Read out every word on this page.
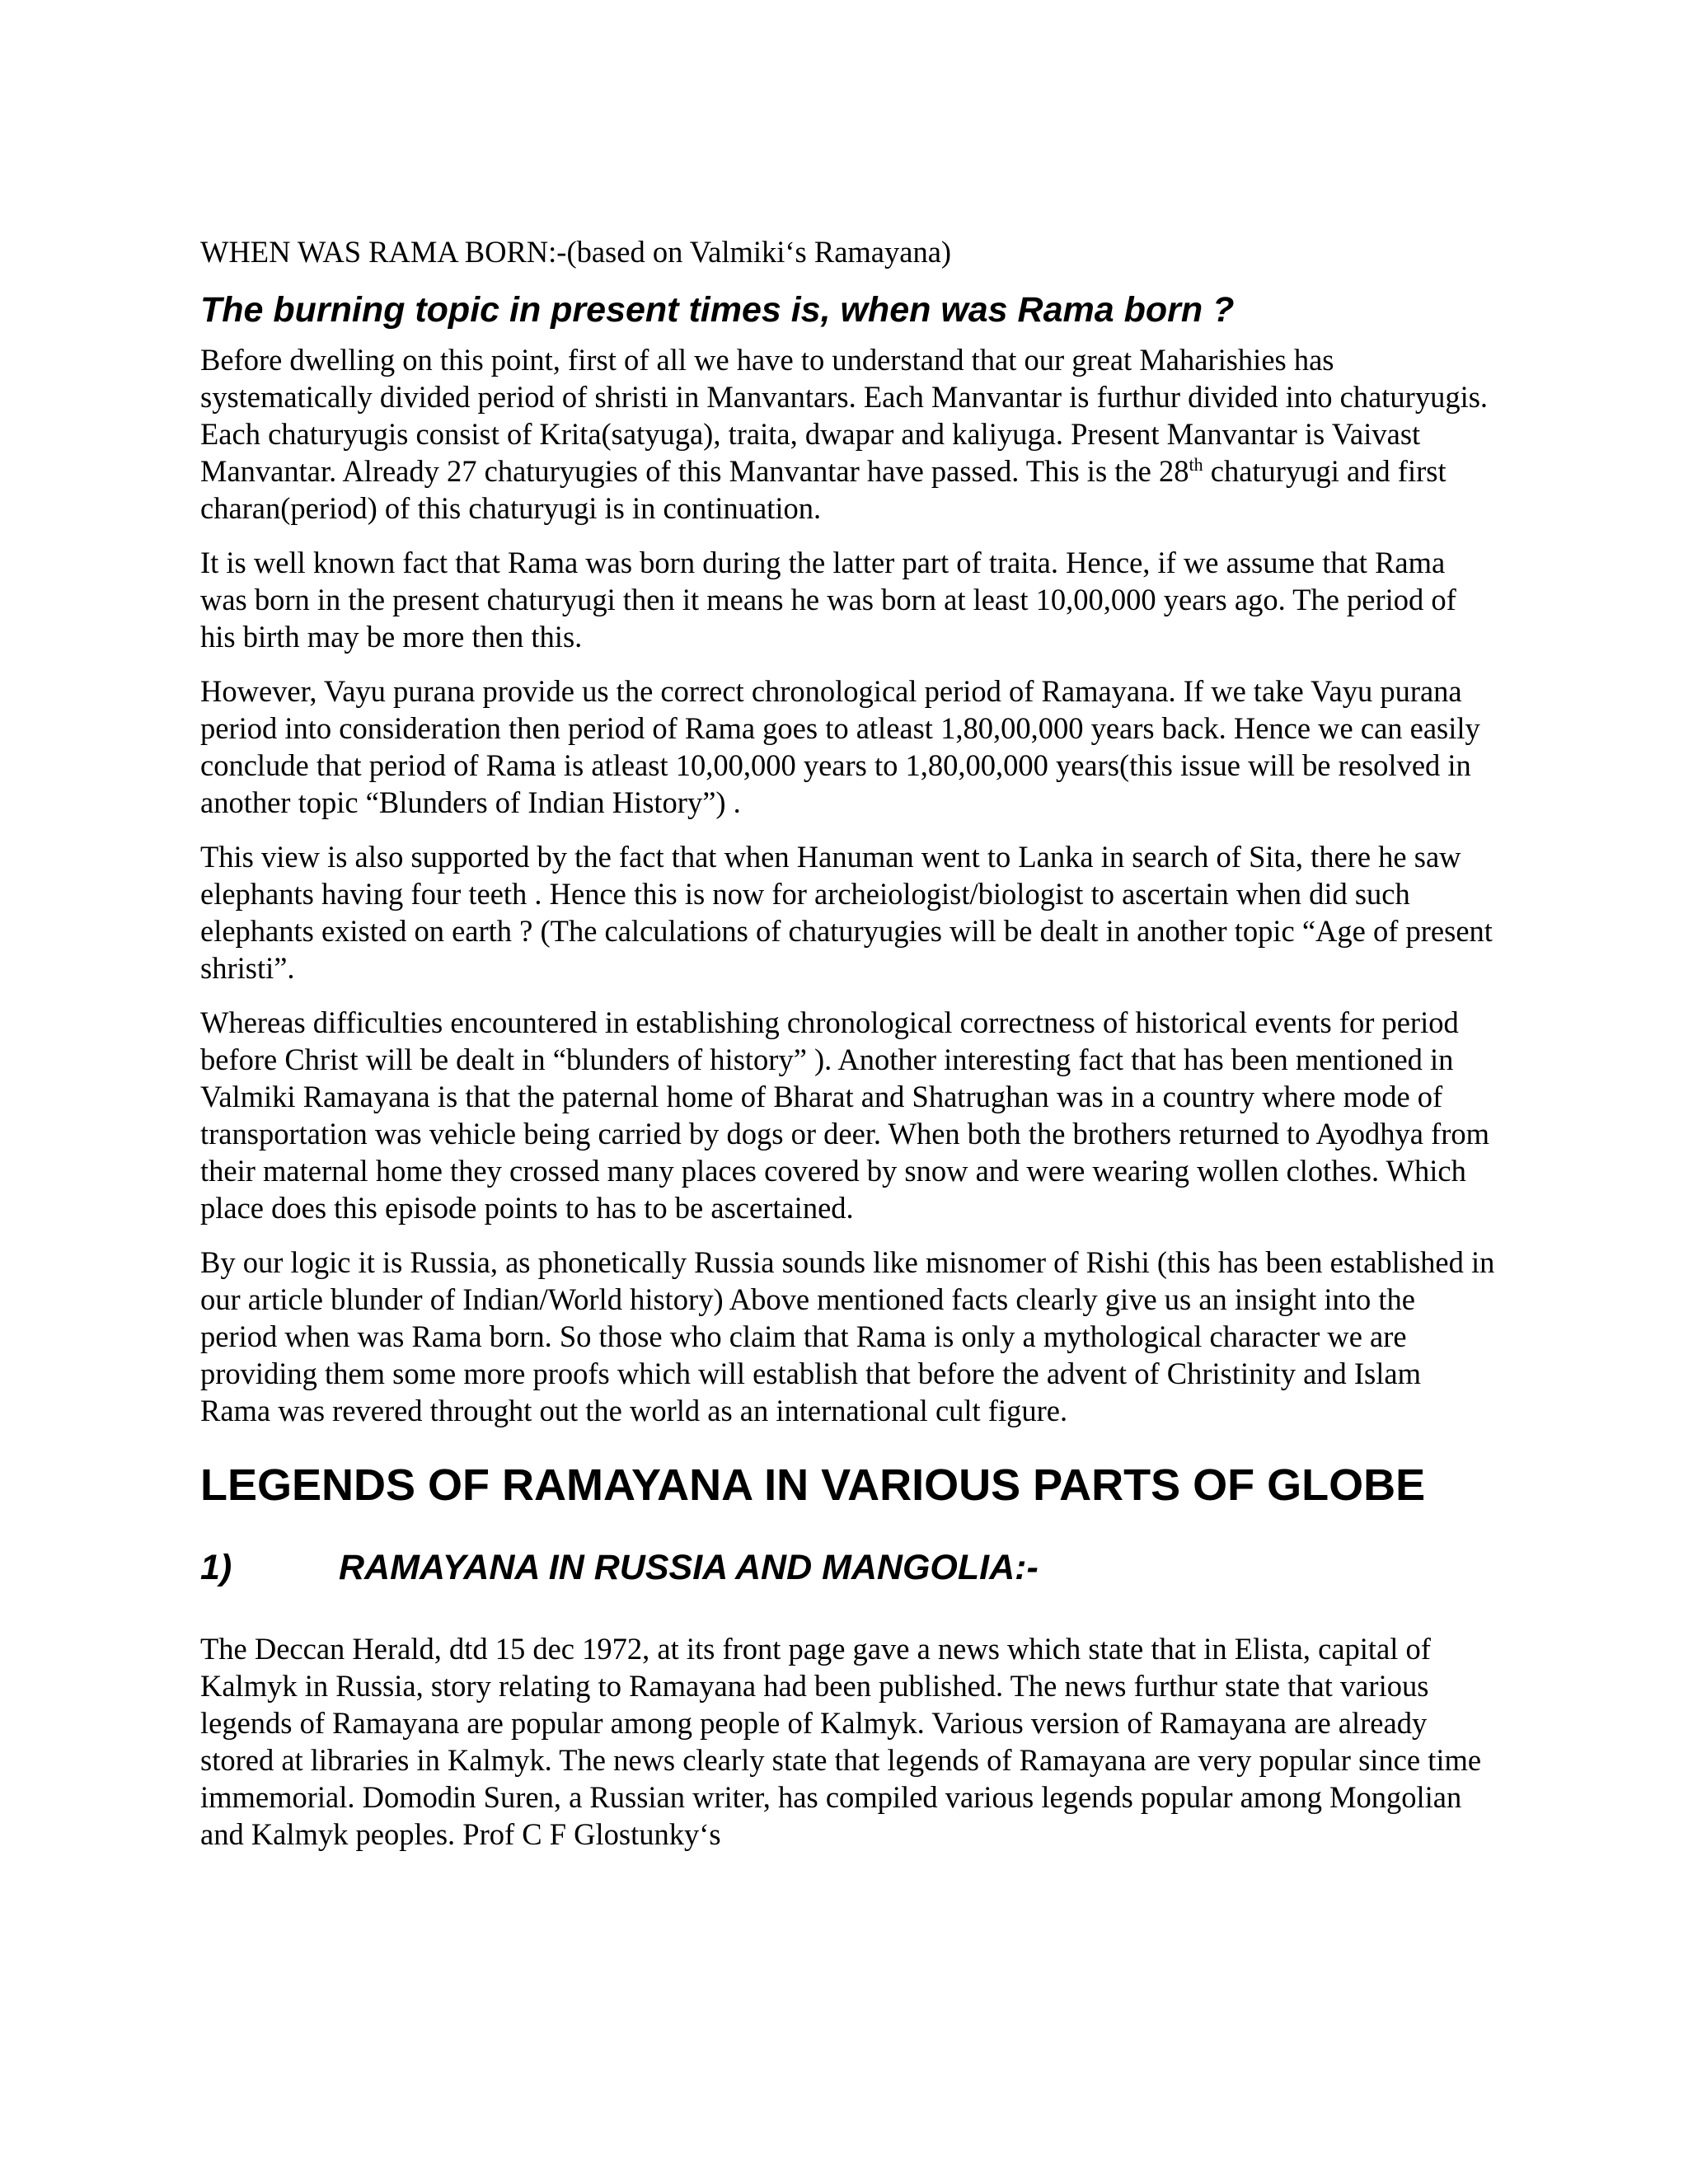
WHEN WAS RAMA BORN:-(based on Valmiki‘s Ramayana)
The burning topic in present times is, when was Rama born ?
Before dwelling on this point, first of all we have to understand that our great Maharishies has systematically divided period of shristi in Manvantars. Each Manvantar is furthur divided into chaturyugis. Each chaturyugis consist of Krita(satyuga), traita, dwapar and kaliyuga. Present Manvantar is Vaivast Manvantar. Already 27 chaturyugies of this Manvantar have passed. This is the 28th chaturyugi and first charan(period) of this chaturyugi is in continuation.
It is well known fact that Rama was born during the latter part of traita. Hence, if we assume that Rama was born in the present chaturyugi then it means he was born at least 10,00,000 years ago. The period of his birth may be more then this.
However, Vayu purana provide us the correct chronological period of Ramayana. If we take Vayu purana period into consideration then period of Rama goes to atleast 1,80,00,000 years back. Hence we can easily conclude that period of Rama is atleast 10,00,000 years to 1,80,00,000 years(this issue will be resolved in another topic “Blunders of Indian History”) .
This view is also supported by the fact that when Hanuman went to Lanka in search of Sita, there he saw elephants having four teeth . Hence this is now for archeiologist/biologist to ascertain when did such elephants existed on earth ? (The calculations of chaturyugies will be dealt in another topic “Age of present shristi”.
Whereas difficulties encountered in establishing chronological correctness of historical events for period before Christ will be dealt in “blunders of history” ). Another interesting fact that has been mentioned in Valmiki Ramayana is that the paternal home of Bharat and Shatrughan was in a country where mode of transportation was vehicle being carried by dogs or deer. When both the brothers returned to Ayodhya from their maternal home they crossed many places covered by snow and were wearing wollen clothes. Which place does this episode points to has to be ascertained.
By our logic it is Russia, as phonetically Russia sounds like misnomer of Rishi (this has been established in our article blunder of Indian/World history) Above mentioned facts clearly give us an insight into the period when was Rama born. So those who claim that Rama is only a mythological character we are providing them some more proofs which will establish that before the advent of Christinity and Islam Rama was revered throught out the world as an international cult figure.
LEGENDS OF RAMAYANA IN VARIOUS PARTS OF GLOBE
1)	RAMAYANA IN RUSSIA AND MANGOLIA:-
The Deccan Herald, dtd 15 dec 1972, at its front page gave a news which state that in Elista, capital of Kalmyk in Russia, story relating to Ramayana had been published. The news furthur state that various legends of Ramayana are popular among people of Kalmyk. Various version of Ramayana are already stored at libraries in Kalmyk. The news clearly state that legends of Ramayana are very popular since time immemorial. Domodin Suren, a Russian writer, has compiled various legends popular among Mongolian and Kalmyk peoples. Prof C F Glostunky‘s
